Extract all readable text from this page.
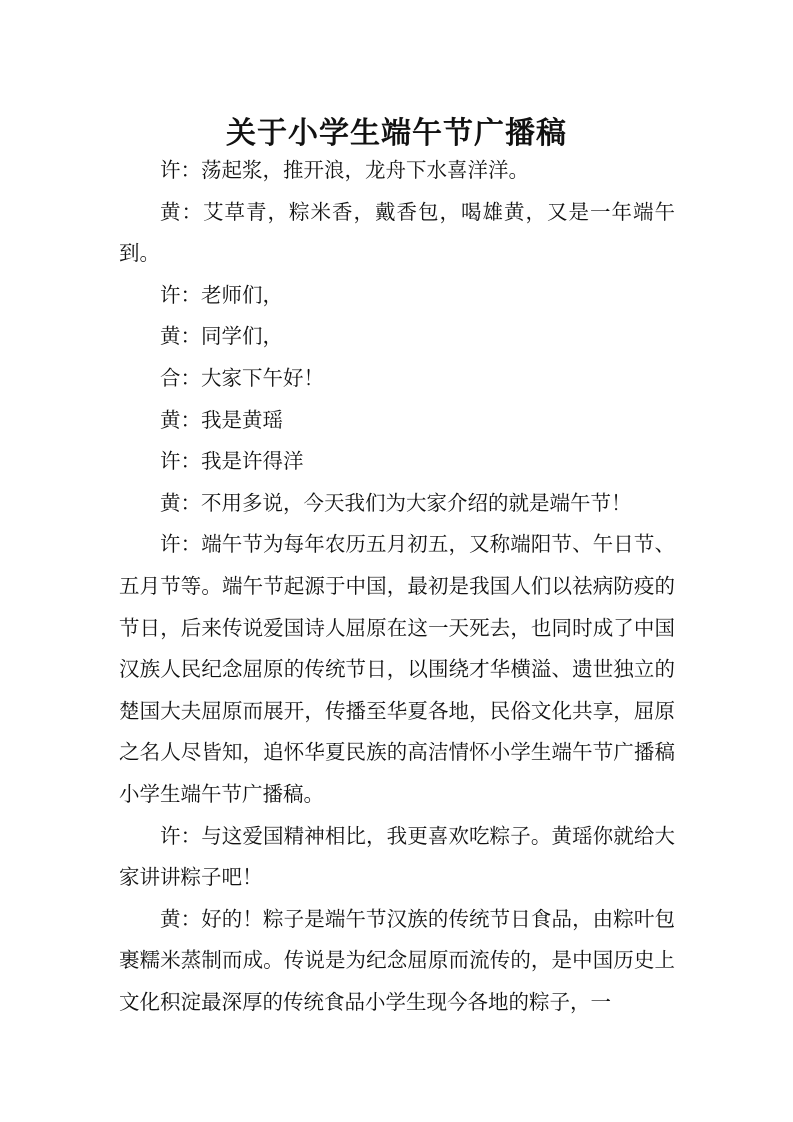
关于小学生端午节广播稿

许：荡起浆，推开浪，龙舟下水喜洋洋。

黄：艾草青，粽米香，戴香包，喝雄黄，又是一年端午到。

许：老师们，

黄：同学们，

合：大家下午好！

黄：我是黄瑶

许：我是许得洋

黄：不用多说，今天我们为大家介绍的就是端午节！

许：端午节为每年农历五月初五，又称端阳节、午日节、五月节等。端午节起源于中国，最初是我国人们以祛病防疫的节日，后来传说爱国诗人屈原在这一天死去，也同时成了中国汉族人民纪念屈原的传统节日，以围绕才华横溢、遗世独立的楚国大夫屈原而展开，传播至华夏各地，民俗文化共享，屈原之名人尽皆知，追怀华夏民族的高洁情怀小学生端午节广播稿小学生端午节广播稿。

许：与这爱国精神相比，我更喜欢吃粽子。黄瑶你就给大家讲讲粽子吧！

黄：好的！粽子是端午节汉族的传统节日食品，由粽叶包裹糯米蒸制而成。传说是为纪念屈原而流传的，是中国历史上文化积淀最深厚的传统食品小学生现今各地的粽子，一
